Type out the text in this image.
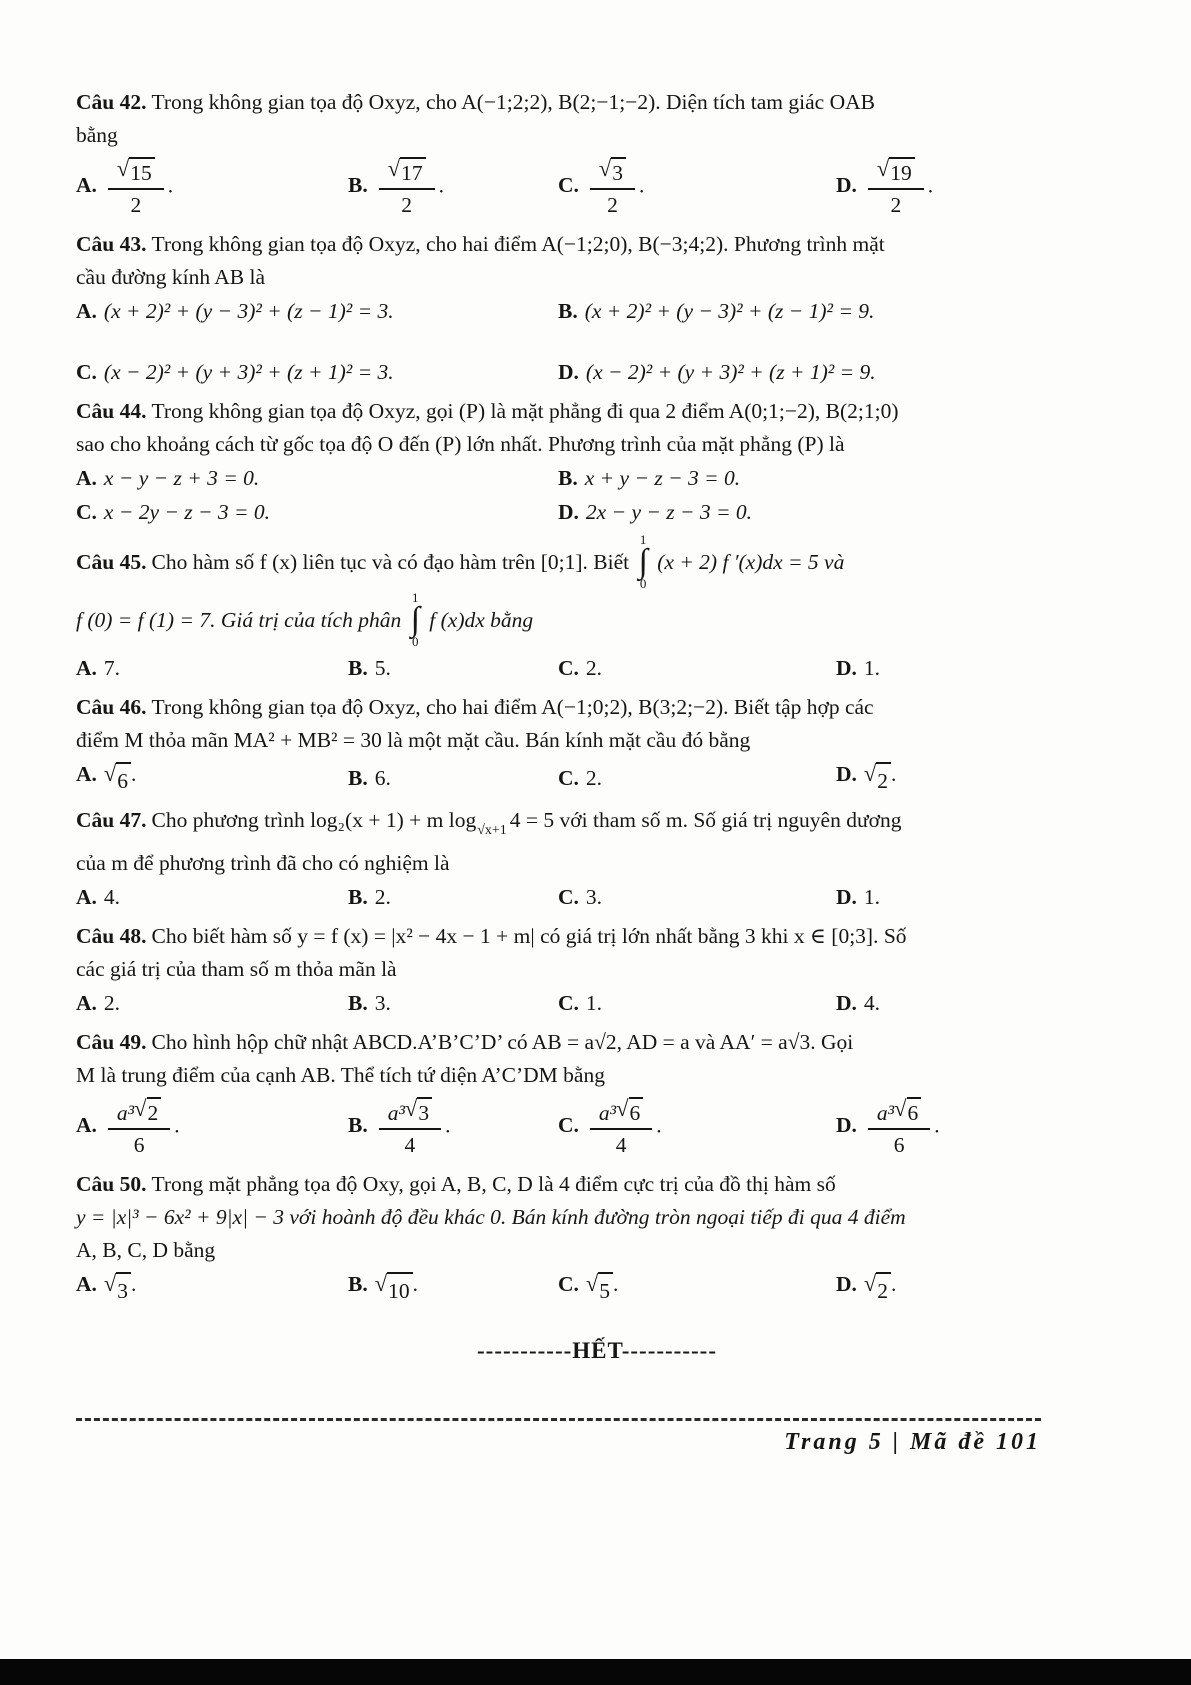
Câu 42. Trong không gian tọa độ Oxyz, cho A(−1;2;2), B(2;−1;−2). Diện tích tam giác OAB
bằng
A. $\frac{√ 15}{2}$ .	B. $\frac{√ 17}{2}$ .	C. $\frac{√ 3}{2}$ .	D. $\frac{√ 19}{2}$ .
Câu 43. Trong không gian tọa độ Oxyz, cho hai điểm A(−1;2;0), B(−3;4;2). Phương trình mặt
cầu đường kính AB là
A. (x + 2)² + (y − 3)² + (z − 1)² = 3.	B. (x + 2)² + (y − 3)² + (z − 1)² = 9.
C. (x − 2)² + (y + 3)² + (z + 1)² = 3.	D. (x − 2)² + (y + 3)² + (z + 1)² = 9.
Câu 44. Trong không gian tọa độ Oxyz, gọi (P) là mặt phẳng đi qua 2 điểm A(0;1;−2), B(2;1;0)
sao cho khoảng cách từ gốc tọa độ O đến (P) lớn nhất. Phương trình của mặt phẳng (P) là
A. x − y − z + 3 = 0.	B. x + y − z − 3 = 0.
C. x − 2y − z − 3 = 0.	D. 2x − y − z − 3 = 0.
Câu 45. Cho hàm số f (x) liên tục và có đạo hàm trên [0;1]. Biết
1
∫
0
(x + 2) f ′(x)dx = 5 và
f (0) = f (1) = 7. Giá trị của tích phân
1
∫
0
f (x)dx bằng
A. 7.	B. 5.	C. 2.	D. 1.
Câu 46. Trong không gian tọa độ Oxyz, cho hai điểm A(−1;0;2), B(3;2;−2). Biết tập hợp các
điểm M thỏa mãn MA² + MB² = 30 là một mặt cầu. Bán kính mặt cầu đó bằng
A. √ 6 .	B. 6.	C. 2.	D. √ 2 .
Câu 47. Cho phương trình log₂(x + 1) + m $\log_{√x+1} 4 = 5$ với tham số m. Số giá trị nguyên dương
của m để phương trình đã cho có nghiệm là
A. 4.	B. 2.	C. 3.	D. 1.
Câu 48. Cho biết hàm số y = f (x) = |x² − 4x − 1 + m| có giá trị lớn nhất bằng 3 khi x ∈ [0;3]. Số
các giá trị của tham số m thỏa mãn là
A. 2.	B. 3.	C. 1.	D. 4.
Câu 49. Cho hình hộp chữ nhật ABCD.A’B’C’D’ có AB = a√2, AD = a và AA′ = a√3. Gọi
M là trung điểm của cạnh AB. Thể tích tứ diện A’C’DM bằng
A. $\frac{\text{a³ √ 2}}{6}$ .	B. $\frac{\text{a³ √ 3}}{4}$ .	C. $\frac{\text{a³ √ 6}}{4}$ .	D. $\frac{\text{a³ √ 6}}{6}$ .
Câu 50. Trong mặt phẳng tọa độ Oxy, gọi A, B, C, D là 4 điểm cực trị của đồ thị hàm số
y = |x|³ − 6x² + 9|x| − 3 với hoành độ đều khác 0. Bán kính đường tròn ngoại tiếp đi qua 4 điểm
A, B, C, D bằng
A. √ 3 .	B. √ 10 .	C. √ 5 .	D. √ 2 .
-----------HẾT-----------
Trang 5 | Mã đề 101
